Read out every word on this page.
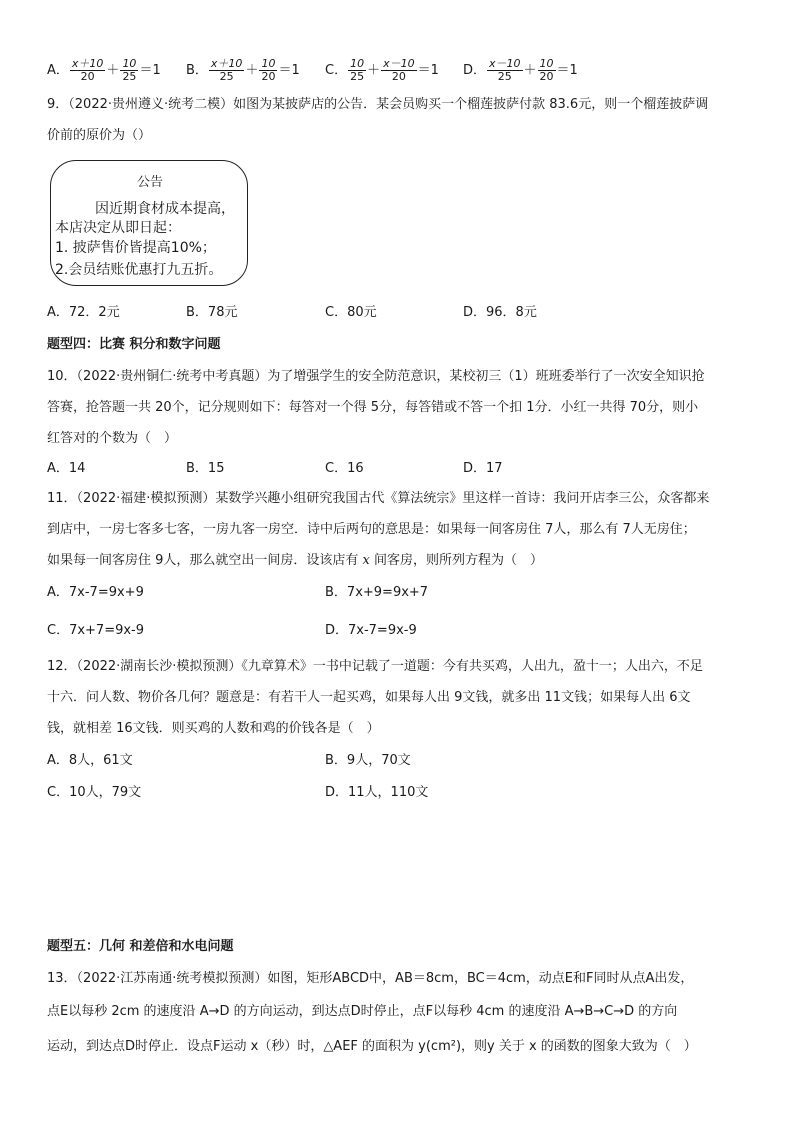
A． $\frac{x+10}{20} + \frac{10}{25} =1$ B． $\frac{x+10}{25} + \frac{10}{20} =1$ C． $\frac{10}{25} + \frac{x-10}{20} =1$ D． $\frac{x-10}{25} + \frac{10}{20} =1$
9．（2022·贵州遵义·统考二模）如图为某披萨店的公告．某会员购买一个榴莲披萨付款 83.6元，则一个榴莲披萨调
价前的原价为（）
公告
因近期食材成本提高，
本店决定从即日起：
1. 披萨售价皆提高10%；
2.会员结账优惠打九五折。
A．72．2元	B．78元	C．80元	D．96．8元
题型四：比赛 积分和数字问题
10．（2022·贵州铜仁·统考中考真题）为了增强学生的安全防范意识，某校初三（1）班班委举行了一次安全知识抢
答赛，抢答题一共 20个，记分规则如下：每答对一个得 5分，每答错或不答一个扣 1分．小红一共得 70分，则小
红答对的个数为（　）
A．14	B．15	C．16	D．17
11．（2022·福建·模拟预测）某数学兴趣小组研究我国古代《算法统宗》里这样一首诗：我问开店李三公，众客都来
到店中，一房七客多七客，一房九客一房空．诗中后两句的意思是：如果每一间客房住 7人，那么有 7人无房住；
如果每一间客房住 9人，那么就空出一间房．设该店有 x 间客房，则所列方程为（　）
A．7x-7=9x+9	B．7x+9=9x+7
C．7x+7=9x-9	D．7x-7=9x-9
12．（2022·湖南长沙·模拟预测）《九章算术》一书中记载了一道题：今有共买鸡，人出九，盈十一；人出六，不足
十六．问人数、物价各几何？题意是：有若干人一起买鸡，如果每人出 9文钱，就多出 11文钱；如果每人出 6文
钱，就相差 16文钱．则买鸡的人数和鸡的价钱各是（　）
A．8人，61文	B．9人，70文
C．10人，79文	D．11人，110文
题型五：几何 和差倍和水电问题
13．（2022·江苏南通·统考模拟预测）如图，矩形ABCD中，AB＝8cm，BC＝4cm，动点E和F同时从点A出发，
点E以每秒 2cm 的速度沿 A→D 的方向运动，到达点D时停止，点F以每秒 4cm 的速度沿 A→B→C→D 的方向
运动，到达点D时停止．设点F运动 x（秒）时，△AEF 的面积为 y(cm²)，则y 关于 x 的函数的图象大致为（　）
